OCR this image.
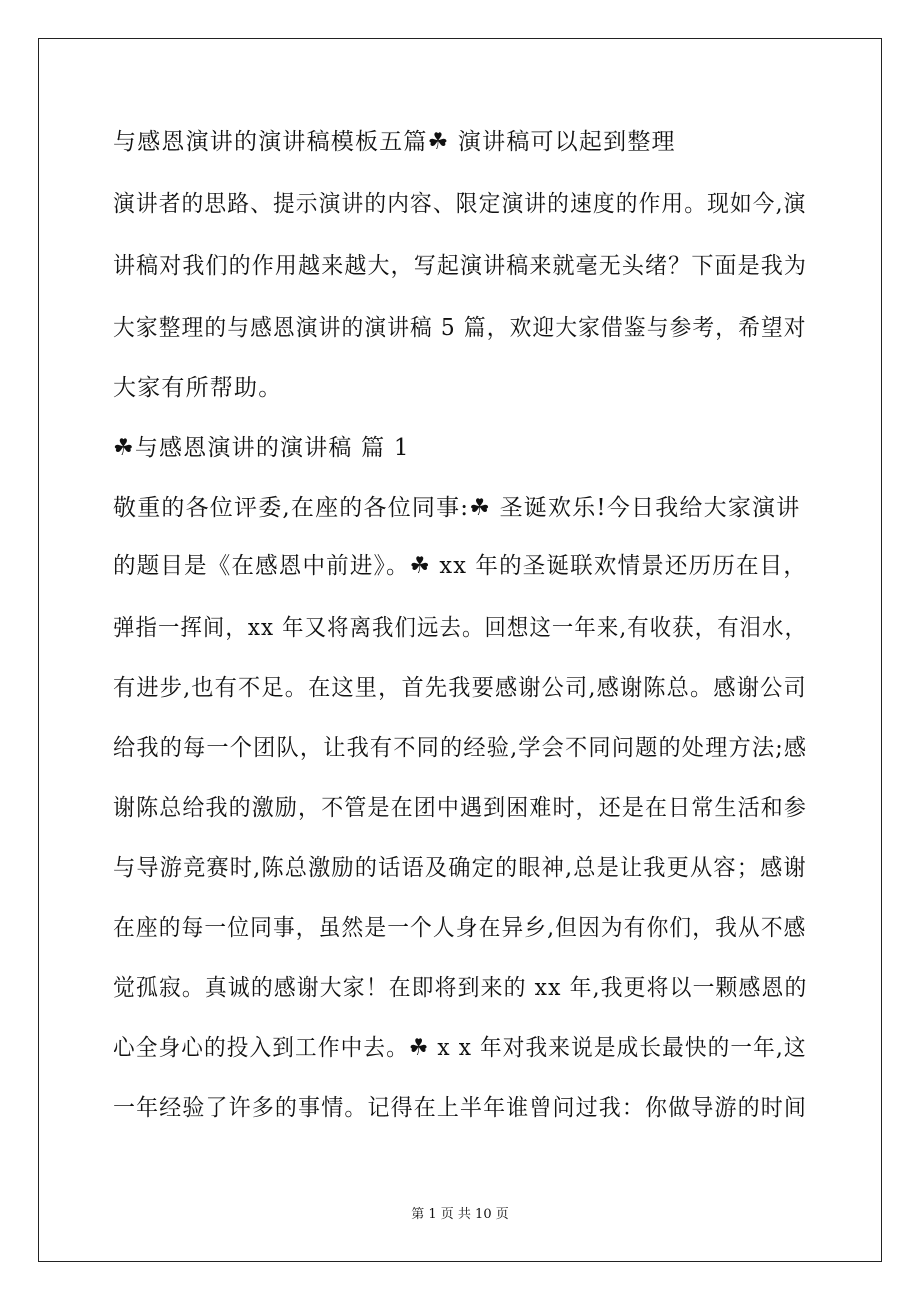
与感恩演讲的演讲稿模板五篇☘ 演讲稿可以起到整理
演讲者的思路、提示演讲的内容、限定演讲的速度的作用。现如今,演
讲稿对我们的作用越来越大，写起演讲稿来就毫无头绪？下面是我为
大家整理的与感恩演讲的演讲稿 5 篇，欢迎大家借鉴与参考，希望对
大家有所帮助。
☘与感恩演讲的演讲稿 篇 1
敬重的各位评委,在座的各位同事:☘ 圣诞欢乐!今日我给大家演讲
的题目是《在感恩中前进》。☘ xx 年的圣诞联欢情景还历历在目，
弹指一挥间，xx 年又将离我们远去。回想这一年来,有收获，有泪水，
有进步,也有不足。在这里，首先我要感谢公司,感谢陈总。感谢公司
给我的每一个团队，让我有不同的经验,学会不同问题的处理方法;感
谢陈总给我的激励，不管是在团中遇到困难时，还是在日常生活和参
与导游竞赛时,陈总激励的话语及确定的眼神,总是让我更从容；感谢
在座的每一位同事，虽然是一个人身在异乡,但因为有你们，我从不感
觉孤寂。真诚的感谢大家！在即将到来的 xx 年,我更将以一颗感恩的
心全身心的投入到工作中去。☘ x x 年对我来说是成长最快的一年,这
一年经验了许多的事情。记得在上半年谁曾问过我：你做导游的时间
第 1 页 共 10 页
